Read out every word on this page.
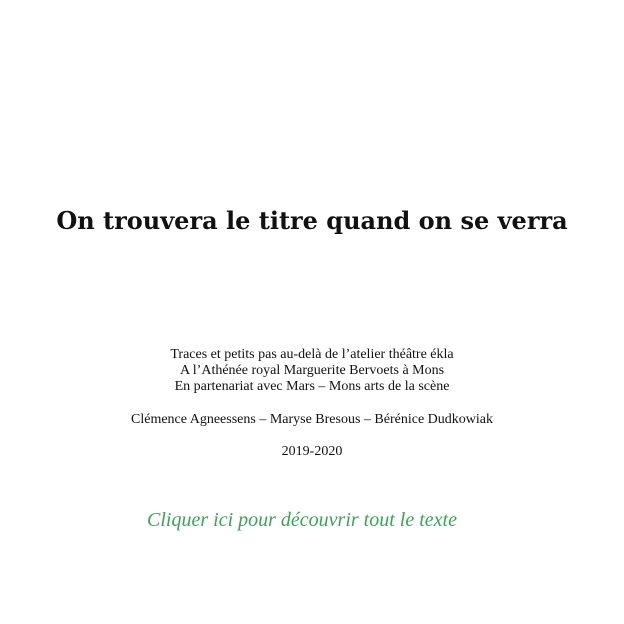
On trouvera le titre quand on se verra
Traces et petits pas au-delà de l’atelier théâtre ékla
A l’Athénée royal Marguerite Bervoets à Mons
En partenariat avec Mars – Mons arts de la scène
Clémence Agneessens – Maryse Bresous – Bérénice Dudkowiak
2019-2020
Cliquer ici pour découvrir tout le texte
